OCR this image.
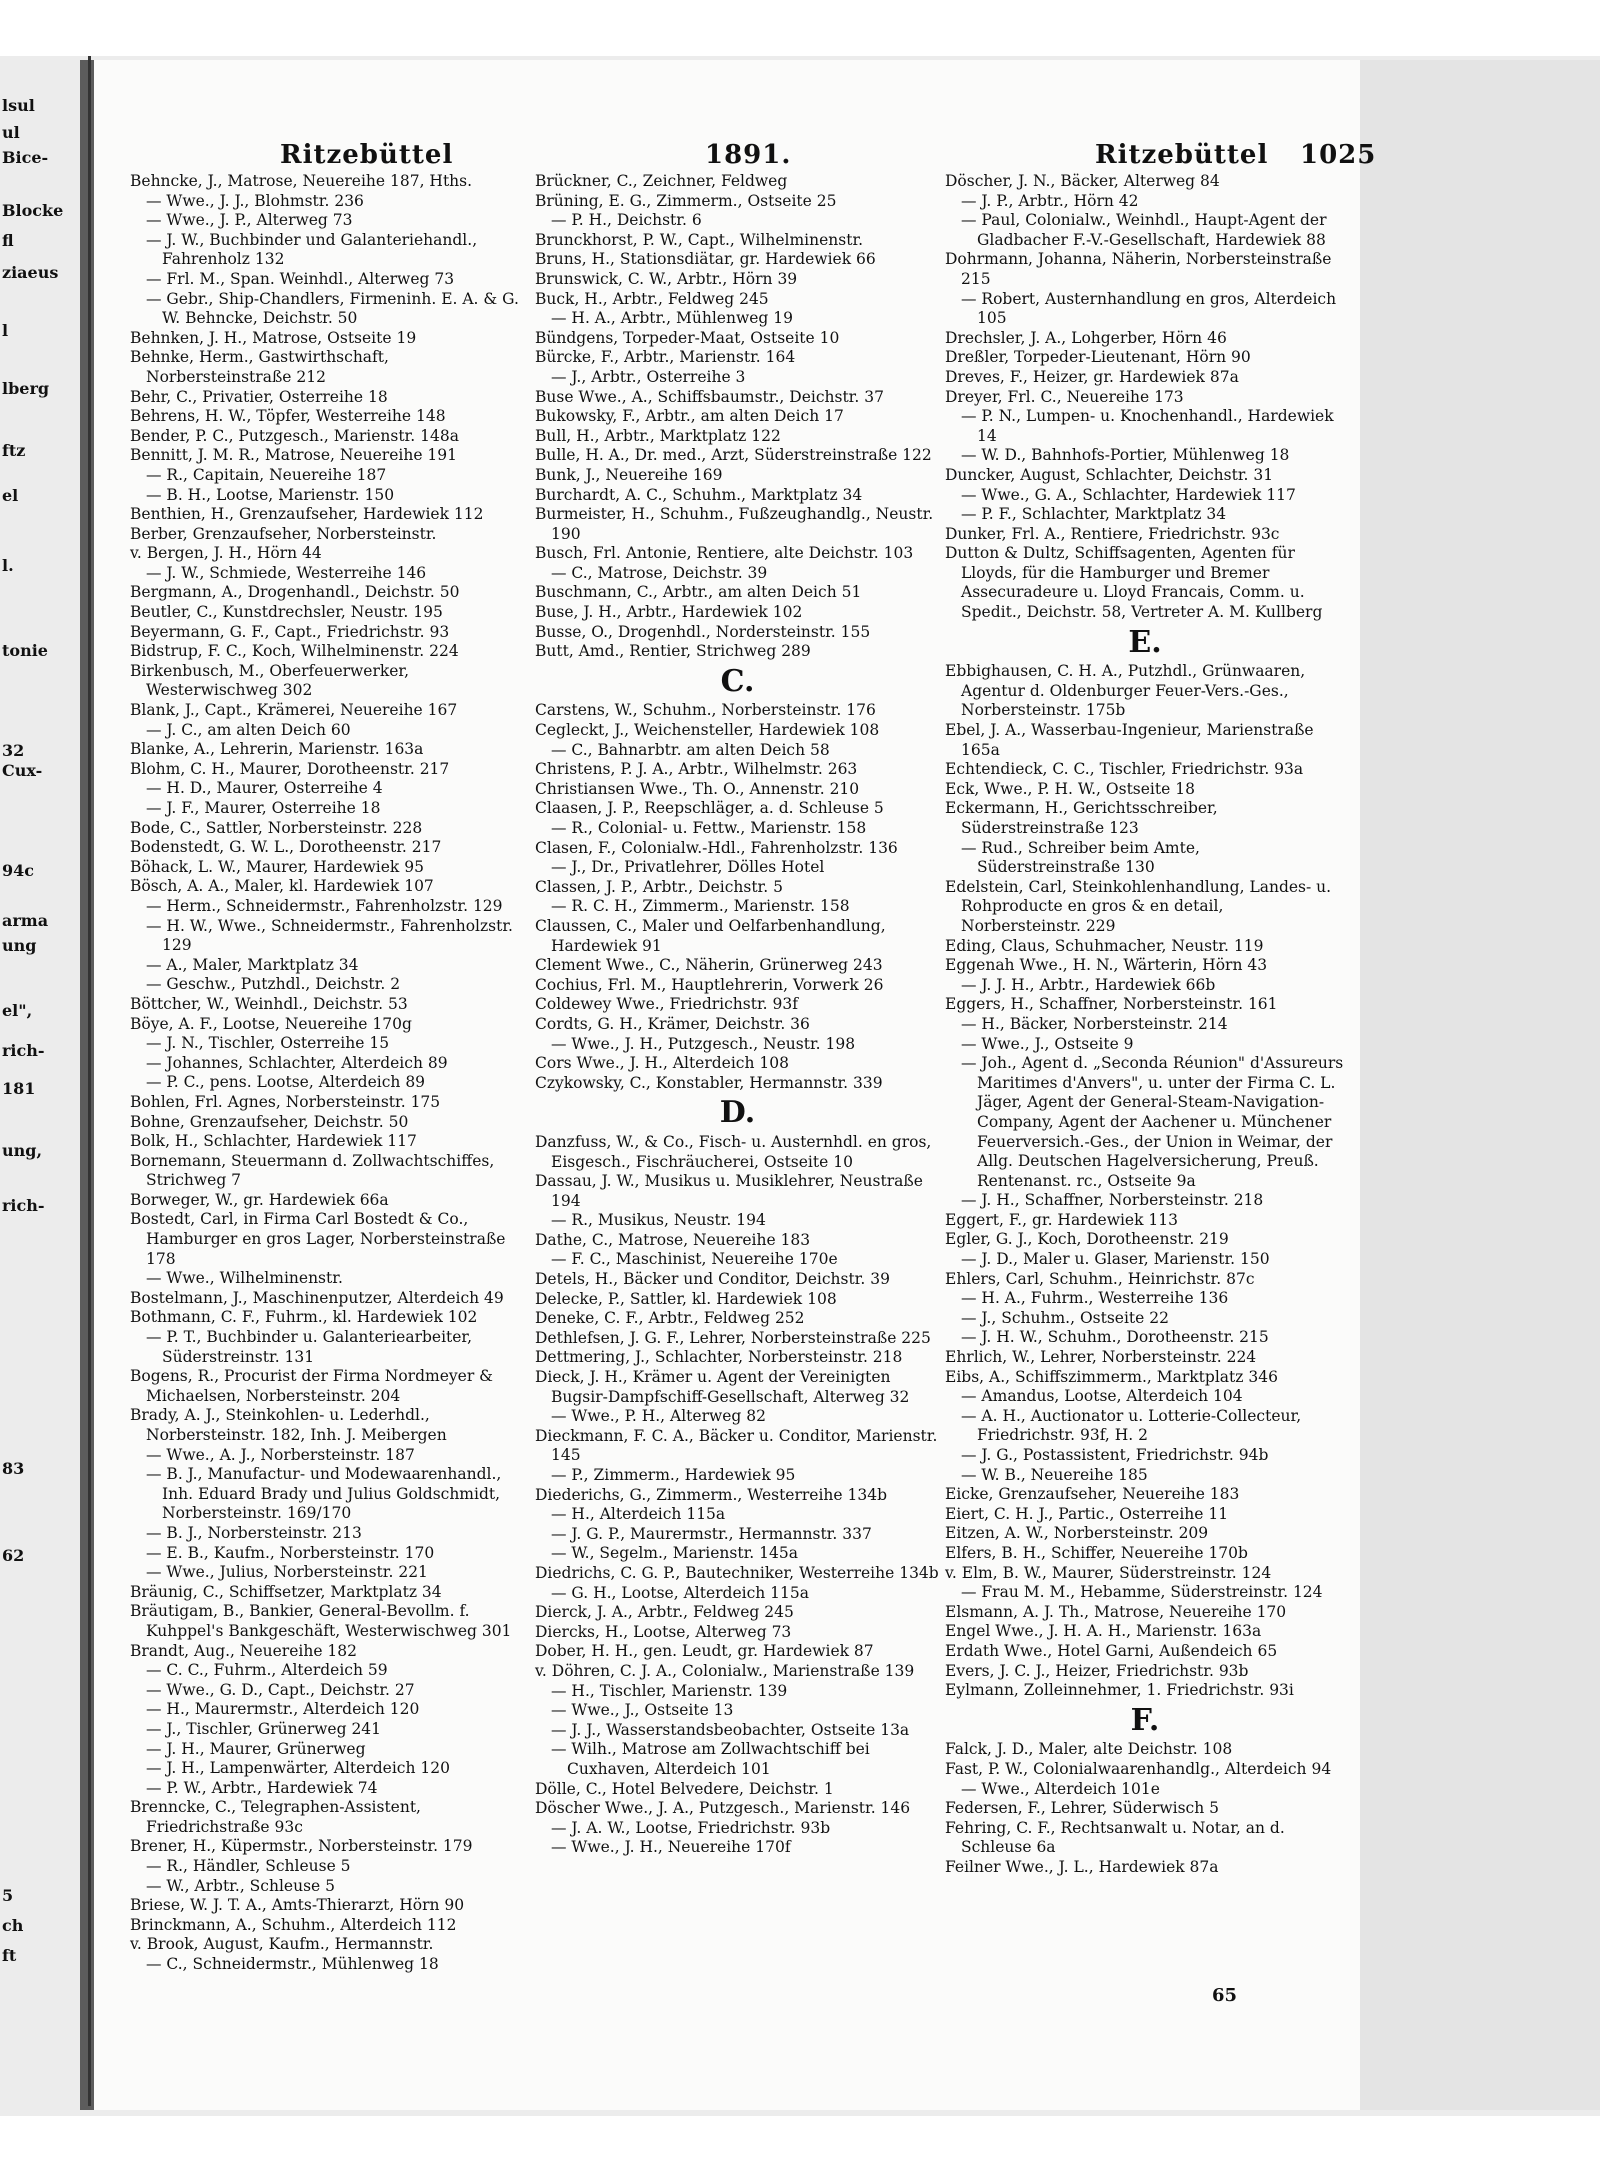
lsul
ul
Bice-
Blocke
fl
ziaeus
l
lberg
ftz
el
l.
tonie
32
Cux-
94c
arma
ung
el",
rich-
181
ung,
rich-
83
62
5
ch
ft
Ritzebüttel	1891.	Ritzebüttel 1025
Behncke, J., Matrose, Neuereihe 187, Hths.
— Wwe., J. J., Blohmstr. 236
— Wwe., J. P., Alterweg 73
— J. W., Buchbinder und Galanteriehandl., Fahrenholz 132
— Frl. M., Span. Weinhdl., Alterweg 73
— Gebr., Ship-Chandlers, Firmeninh. E. A. & G. W. Behncke, Deichstr. 50
Behnken, J. H., Matrose, Ostseite 19
Behnke, Herm., Gastwirthschaft, Norbersteinstraße 212
Behr, C., Privatier, Osterreihe 18
Behrens, H. W., Töpfer, Westerreihe 148
Bender, P. C., Putzgesch., Marienstr. 148a
Bennitt, J. M. R., Matrose, Neuereihe 191
— R., Capitain, Neuereihe 187
— B. H., Lootse, Marienstr. 150
Benthien, H., Grenzaufseher, Hardewiek 112
Berber, Grenzaufseher, Norbersteinstr.
v. Bergen, J. H., Hörn 44
— J. W., Schmiede, Westerreihe 146
Bergmann, A., Drogenhandl., Deichstr. 50
Beutler, C., Kunstdrechsler, Neustr. 195
Beyermann, G. F., Capt., Friedrichstr. 93
Bidstrup, F. C., Koch, Wilhelminenstr. 224
Birkenbusch, M., Oberfeuerwerker, Westerwischweg 302
Blank, J., Capt., Krämerei, Neuereihe 167
— J. C., am alten Deich 60
Blanke, A., Lehrerin, Marienstr. 163a
Blohm, C. H., Maurer, Dorotheenstr. 217
— H. D., Maurer, Osterreihe 4
— J. F., Maurer, Osterreihe 18
Bode, C., Sattler, Norbersteinstr. 228
Bodenstedt, G. W. L., Dorotheenstr. 217
Böhack, L. W., Maurer, Hardewiek 95
Bösch, A. A., Maler, kl. Hardewiek 107
— Herm., Schneidermstr., Fahrenholzstr. 129
— H. W., Wwe., Schneidermstr., Fahrenholzstr. 129
— A., Maler, Marktplatz 34
— Geschw., Putzhdl., Deichstr. 2
Böttcher, W., Weinhdl., Deichstr. 53
Böye, A. F., Lootse, Neuereihe 170g
— J. N., Tischler, Osterreihe 15
— Johannes, Schlachter, Alterdeich 89
— P. C., pens. Lootse, Alterdeich 89
Bohlen, Frl. Agnes, Norbersteinstr. 175
Bohne, Grenzaufseher, Deichstr. 50
Bolk, H., Schlachter, Hardewiek 117
Bornemann, Steuermann d. Zollwachtschiffes, Strichweg 7
Borweger, W., gr. Hardewiek 66a
Bostedt, Carl, in Firma Carl Bostedt & Co., Hamburger en gros Lager, Norbersteinstraße 178
— Wwe., Wilhelminenstr.
Bostelmann, J., Maschinenputzer, Alterdeich 49
Bothmann, C. F., Fuhrm., kl. Hardewiek 102
— P. T., Buchbinder u. Galanteriearbeiter, Süderstreinstr. 131
Bogens, R., Procurist der Firma Nordmeyer & Michaelsen, Norbersteinstr. 204
Brady, A. J., Steinkohlen- u. Lederhdl., Norbersteinstr. 182, Inh. J. Meibergen
— Wwe., A. J., Norbersteinstr. 187
— B. J., Manufactur- und Modewaarenhandl., Inh. Eduard Brady und Julius Goldschmidt, Norbersteinstr. 169/170
— B. J., Norbersteinstr. 213
— E. B., Kaufm., Norbersteinstr. 170
— Wwe., Julius, Norbersteinstr. 221
Bräunig, C., Schiffsetzer, Marktplatz 34
Bräutigam, B., Bankier, General-Bevollm. f. Kuhppel's Bankgeschäft, Westerwischweg 301
Brandt, Aug., Neuereihe 182
— C. C., Fuhrm., Alterdeich 59
— Wwe., G. D., Capt., Deichstr. 27
— H., Maurermstr., Alterdeich 120
— J., Tischler, Grünerweg 241
— J. H., Maurer, Grünerweg
— J. H., Lampenwärter, Alterdeich 120
— P. W., Arbtr., Hardewiek 74
Brenncke, C., Telegraphen-Assistent, Friedrichstraße 93c
Brener, H., Küpermstr., Norbersteinstr. 179
— R., Händler, Schleuse 5
— W., Arbtr., Schleuse 5
Briese, W. J. T. A., Amts-Thierarzt, Hörn 90
Brinckmann, A., Schuhm., Alterdeich 112
v. Brook, August, Kaufm., Hermannstr.
— C., Schneidermstr., Mühlenweg 18
Brückner, C., Zeichner, Feldweg
Brüning, E. G., Zimmerm., Ostseite 25
— P. H., Deichstr. 6
Brunckhorst, P. W., Capt., Wilhelminenstr.
Bruns, H., Stationsdiätar, gr. Hardewiek 66
Brunswick, C. W., Arbtr., Hörn 39
Buck, H., Arbtr., Feldweg 245
— H. A., Arbtr., Mühlenweg 19
Bündgens, Torpeder-Maat, Ostseite 10
Bürcke, F., Arbtr., Marienstr. 164
— J., Arbtr., Osterreihe 3
Buse Wwe., A., Schiffsbaumstr., Deichstr. 37
Bukowsky, F., Arbtr., am alten Deich 17
Bull, H., Arbtr., Marktplatz 122
Bulle, H. A., Dr. med., Arzt, Süderstreinstraße 122
Bunk, J., Neuereihe 169
Burchardt, A. C., Schuhm., Marktplatz 34
Burmeister, H., Schuhm., Fußzeughandlg., Neustr. 190
Busch, Frl. Antonie, Rentiere, alte Deichstr. 103
— C., Matrose, Deichstr. 39
Buschmann, C., Arbtr., am alten Deich 51
Buse, J. H., Arbtr., Hardewiek 102
Busse, O., Drogenhdl., Nordersteinstr. 155
Butt, Amd., Rentier, Strichweg 289
C.
Carstens, W., Schuhm., Norbersteinstr. 176
Cegleckt, J., Weichensteller, Hardewiek 108
— C., Bahnarbtr. am alten Deich 58
Christens, P. J. A., Arbtr., Wilhelmstr. 263
Christiansen Wwe., Th. O., Annenstr. 210
Claasen, J. P., Reepschläger, a. d. Schleuse 5
— R., Colonial- u. Fettw., Marienstr. 158
Clasen, F., Colonialw.-Hdl., Fahrenholzstr. 136
— J., Dr., Privatlehrer, Dölles Hotel
Classen, J. P., Arbtr., Deichstr. 5
— R. C. H., Zimmerm., Marienstr. 158
Claussen, C., Maler und Oelfarbenhandlung, Hardewiek 91
Clement Wwe., C., Näherin, Grünerweg 243
Cochius, Frl. M., Hauptlehrerin, Vorwerk 26
Coldewey Wwe., Friedrichstr. 93f
Cordts, G. H., Krämer, Deichstr. 36
— Wwe., J. H., Putzgesch., Neustr. 198
Cors Wwe., J. H., Alterdeich 108
Czykowsky, C., Konstabler, Hermannstr. 339
D.
Danzfuss, W., & Co., Fisch- u. Austernhdl. en gros, Eisgesch., Fischräucherei, Ostseite 10
Dassau, J. W., Musikus u. Musiklehrer, Neustraße 194
— R., Musikus, Neustr. 194
Dathe, C., Matrose, Neuereihe 183
— F. C., Maschinist, Neuereihe 170e
Detels, H., Bäcker und Conditor, Deichstr. 39
Delecke, P., Sattler, kl. Hardewiek 108
Deneke, C. F., Arbtr., Feldweg 252
Dethlefsen, J. G. F., Lehrer, Norbersteinstraße 225
Dettmering, J., Schlachter, Norbersteinstr. 218
Dieck, J. H., Krämer u. Agent der Vereinigten Bugsir-Dampfschiff-Gesellschaft, Alterweg 32
— Wwe., P. H., Alterweg 82
Dieckmann, F. C. A., Bäcker u. Conditor, Marienstr. 145
— P., Zimmerm., Hardewiek 95
Diederichs, G., Zimmerm., Westerreihe 134b
— H., Alterdeich 115a
— J. G. P., Maurermstr., Hermannstr. 337
— W., Segelm., Marienstr. 145a
Diedrichs, C. G. P., Bautechniker, Westerreihe 134b
— G. H., Lootse, Alterdeich 115a
Dierck, J. A., Arbtr., Feldweg 245
Diercks, H., Lootse, Alterweg 73
Dober, H. H., gen. Leudt, gr. Hardewiek 87
v. Döhren, C. J. A., Colonialw., Marienstraße 139
— H., Tischler, Marienstr. 139
— Wwe., J., Ostseite 13
— J. J., Wasserstandsbeobachter, Ostseite 13a
— Wilh., Matrose am Zollwachtschiff bei Cuxhaven, Alterdeich 101
Dölle, C., Hotel Belvedere, Deichstr. 1
Döscher Wwe., J. A., Putzgesch., Marienstr. 146
— J. A. W., Lootse, Friedrichstr. 93b
— Wwe., J. H., Neuereihe 170f
Döscher, J. N., Bäcker, Alterweg 84
— J. P., Arbtr., Hörn 42
— Paul, Colonialw., Weinhdl., Haupt-Agent der Gladbacher F.-V.-Gesellschaft, Hardewiek 88
Dohrmann, Johanna, Näherin, Norbersteinstraße 215
— Robert, Austernhandlung en gros, Alterdeich 105
Drechsler, J. A., Lohgerber, Hörn 46
Dreßler, Torpeder-Lieutenant, Hörn 90
Dreves, F., Heizer, gr. Hardewiek 87a
Dreyer, Frl. C., Neuereihe 173
— P. N., Lumpen- u. Knochenhandl., Hardewiek 14
— W. D., Bahnhofs-Portier, Mühlenweg 18
Duncker, August, Schlachter, Deichstr. 31
— Wwe., G. A., Schlachter, Hardewiek 117
— P. F., Schlachter, Marktplatz 34
Dunker, Frl. A., Rentiere, Friedrichstr. 93c
Dutton & Dultz, Schiffsagenten, Agenten für Lloyds, für die Hamburger und Bremer Assecuradeure u. Lloyd Francais, Comm. u. Spedit., Deichstr. 58, Vertreter A. M. Kullberg
E.
Ebbighausen, C. H. A., Putzhdl., Grünwaaren, Agentur d. Oldenburger Feuer-Vers.-Ges., Norbersteinstr. 175b
Ebel, J. A., Wasserbau-Ingenieur, Marienstraße 165a
Echtendieck, C. C., Tischler, Friedrichstr. 93a
Eck, Wwe., P. H. W., Ostseite 18
Eckermann, H., Gerichtsschreiber, Süderstreinstraße 123
— Rud., Schreiber beim Amte, Süderstreinstraße 130
Edelstein, Carl, Steinkohlenhandlung, Landes- u. Rohproducte en gros & en detail, Norbersteinstr. 229
Eding, Claus, Schuhmacher, Neustr. 119
Eggenah Wwe., H. N., Wärterin, Hörn 43
— J. J. H., Arbtr., Hardewiek 66b
Eggers, H., Schaffner, Norbersteinstr. 161
— H., Bäcker, Norbersteinstr. 214
— Wwe., J., Ostseite 9
— Joh., Agent d. „Seconda Réunion" d'Assureurs Maritimes d'Anvers", u. unter der Firma C. L. Jäger, Agent der General-Steam-Navigation-Company, Agent der Aachener u. Münchener Feuerversich.-Ges., der Union in Weimar, der Allg. Deutschen Hagelversicherung, Preuß. Rentenanst. rc., Ostseite 9a
— J. H., Schaffner, Norbersteinstr. 218
Eggert, F., gr. Hardewiek 113
Egler, G. J., Koch, Dorotheenstr. 219
— J. D., Maler u. Glaser, Marienstr. 150
Ehlers, Carl, Schuhm., Heinrichstr. 87c
— H. A., Fuhrm., Westerreihe 136
— J., Schuhm., Ostseite 22
— J. H. W., Schuhm., Dorotheenstr. 215
Ehrlich, W., Lehrer, Norbersteinstr. 224
Eibs, A., Schiffszimmerm., Marktplatz 346
— Amandus, Lootse, Alterdeich 104
— A. H., Auctionator u. Lotterie-Collecteur, Friedrichstr. 93f, H. 2
— J. G., Postassistent, Friedrichstr. 94b
— W. B., Neuereihe 185
Eicke, Grenzaufseher, Neuereihe 183
Eiert, C. H. J., Partic., Osterreihe 11
Eitzen, A. W., Norbersteinstr. 209
Elfers, B. H., Schiffer, Neuereihe 170b
v. Elm, B. W., Maurer, Süderstreinstr. 124
— Frau M. M., Hebamme, Süderstreinstr. 124
Elsmann, A. J. Th., Matrose, Neuereihe 170
Engel Wwe., J. H. A. H., Marienstr. 163a
Erdath Wwe., Hotel Garni, Außendeich 65
Evers, J. C. J., Heizer, Friedrichstr. 93b
Eylmann, Zolleinnehmer, 1. Friedrichstr. 93i
F.
Falck, J. D., Maler, alte Deichstr. 108
Fast, P. W., Colonialwaarenhandlg., Alterdeich 94
— Wwe., Alterdeich 101e
Federsen, F., Lehrer, Süderwisch 5
Fehring, C. F., Rechtsanwalt u. Notar, an d. Schleuse 6a
Feilner Wwe., J. L., Hardewiek 87a
65
